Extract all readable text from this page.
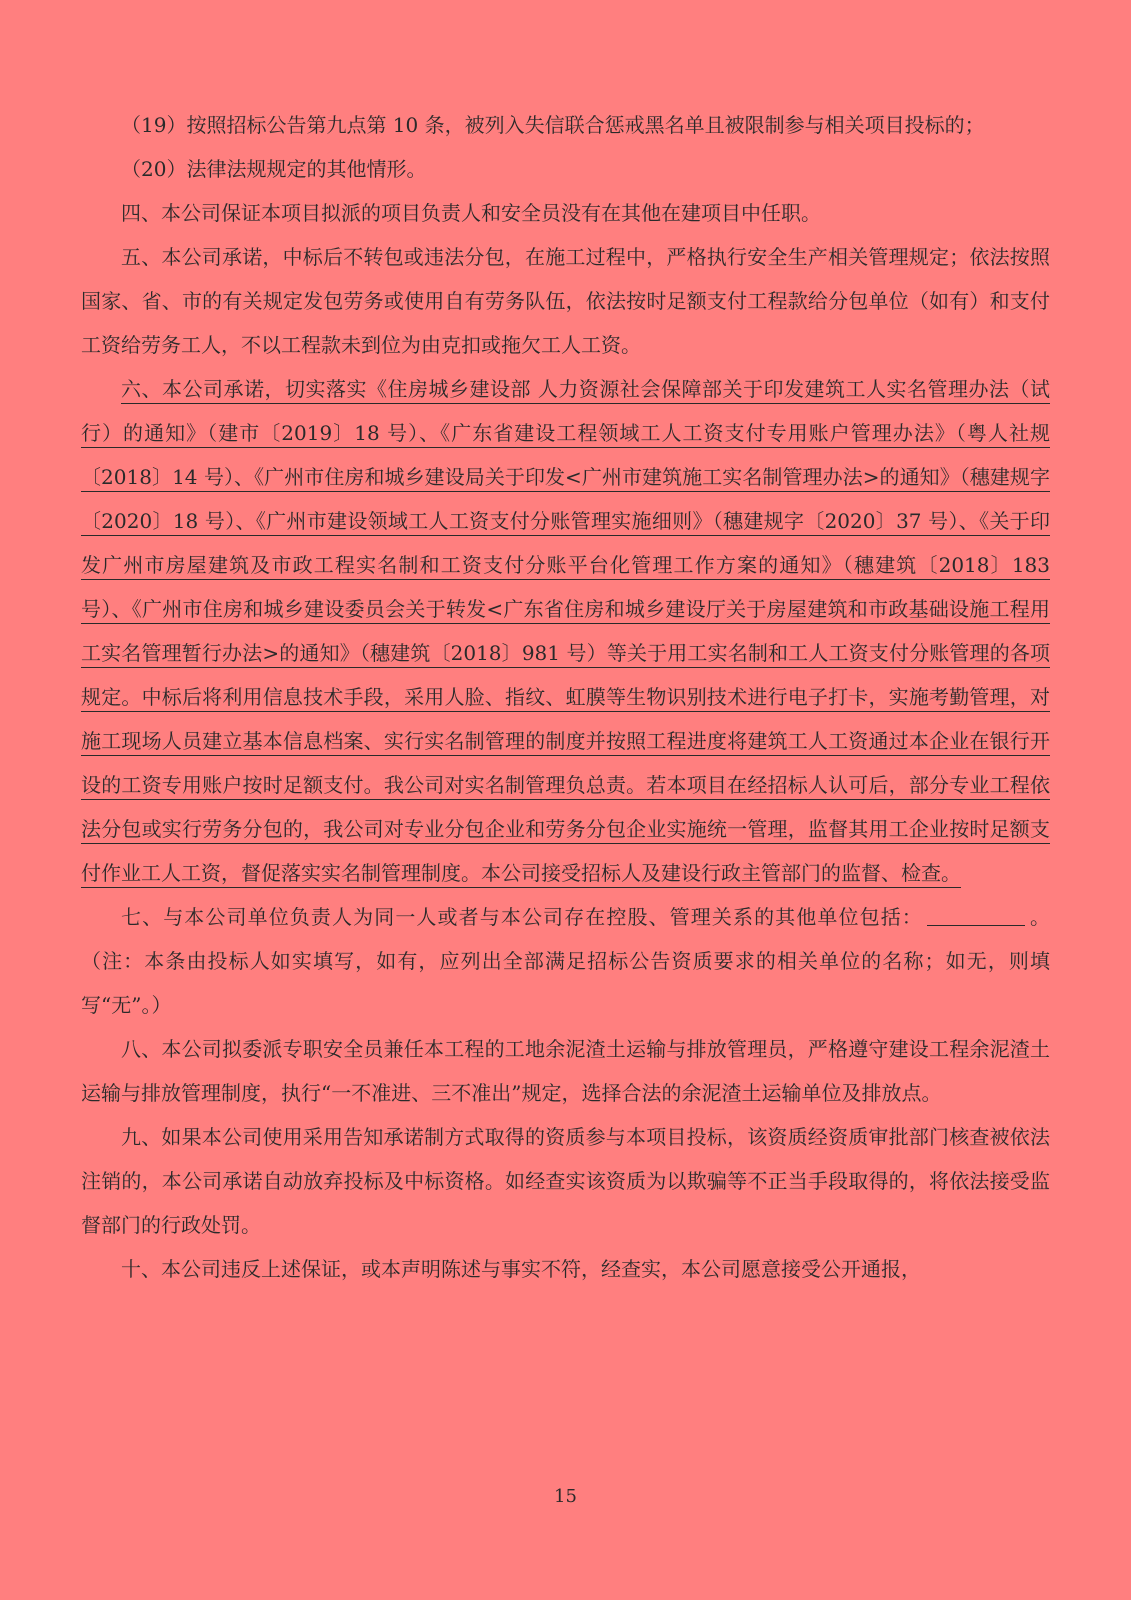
（19）按照招标公告第九点第 10 条，被列入失信联合惩戒黑名单且被限制参与相关项目投标的；

（20）法律法规规定的其他情形。

四、本公司保证本项目拟派的项目负责人和安全员没有在其他在建项目中任职。

五、本公司承诺，中标后不转包或违法分包，在施工过程中，严格执行安全生产相关管理规定；依法按照国家、省、市的有关规定发包劳务或使用自有劳务队伍，依法按时足额支付工程款给分包单位（如有）和支付工资给劳务工人，不以工程款未到位为由克扣或拖欠工人工资。

六、本公司承诺，切实落实《住房城乡建设部 人力资源社会保障部关于印发建筑工人实名管理办法（试行）的通知》（建市〔2019〕18 号）、《广东省建设工程领域工人工资支付专用账户管理办法》（粤人社规〔2018〕14 号）、《广州市住房和城乡建设局关于印发<广州市建筑施工实名制管理办法>的通知》（穗建规字〔2020〕18 号）、《广州市建设领域工人工资支付分账管理实施细则》（穗建规字〔2020〕37 号）、《关于印发广州市房屋建筑及市政工程实名制和工资支付分账平台化管理工作方案的通知》（穗建筑〔2018〕183 号）、《广州市住房和城乡建设委员会关于转发<广东省住房和城乡建设厅关于房屋建筑和市政基础设施工程用工实名管理暂行办法>的通知》（穗建筑〔2018〕981 号）等关于用工实名制和工人工资支付分账管理的各项规定。中标后将利用信息技术手段，采用人脸、指纹、虹膜等生物识别技术进行电子打卡，实施考勤管理，对施工现场人员建立基本信息档案、实行实名制管理的制度并按照工程进度将建筑工人工资通过本企业在银行开设的工资专用账户按时足额支付。我公司对实名制管理负总责。若本项目在经招标人认可后，部分专业工程依法分包或实行劳务分包的，我公司对专业分包企业和劳务分包企业实施统一管理，监督其用工企业按时足额支付作业工人工资，督促落实实名制管理制度。本公司接受招标人及建设行政主管部门的监督、检查。

七、与本公司单位负责人为同一人或者与本公司存在控股、管理关系的其他单位包括：	。（注：本条由投标人如实填写，如有，应列出全部满足招标公告资质要求的相关单位的名称；如无，则填写“无”。）

八、本公司拟委派专职安全员兼任本工程的工地余泥渣土运输与排放管理员，严格遵守建设工程余泥渣土运输与排放管理制度，执行“一不准进、三不准出”规定，选择合法的余泥渣土运输单位及排放点。

九、如果本公司使用采用告知承诺制方式取得的资质参与本项目投标，该资质经资质审批部门核查被依法注销的，本公司承诺自动放弃投标及中标资格。如经查实该资质为以欺骗等不正当手段取得的，将依法接受监督部门的行政处罚。

十、本公司违反上述保证，或本声明陈述与事实不符，经查实，本公司愿意接受公开通报，

15
